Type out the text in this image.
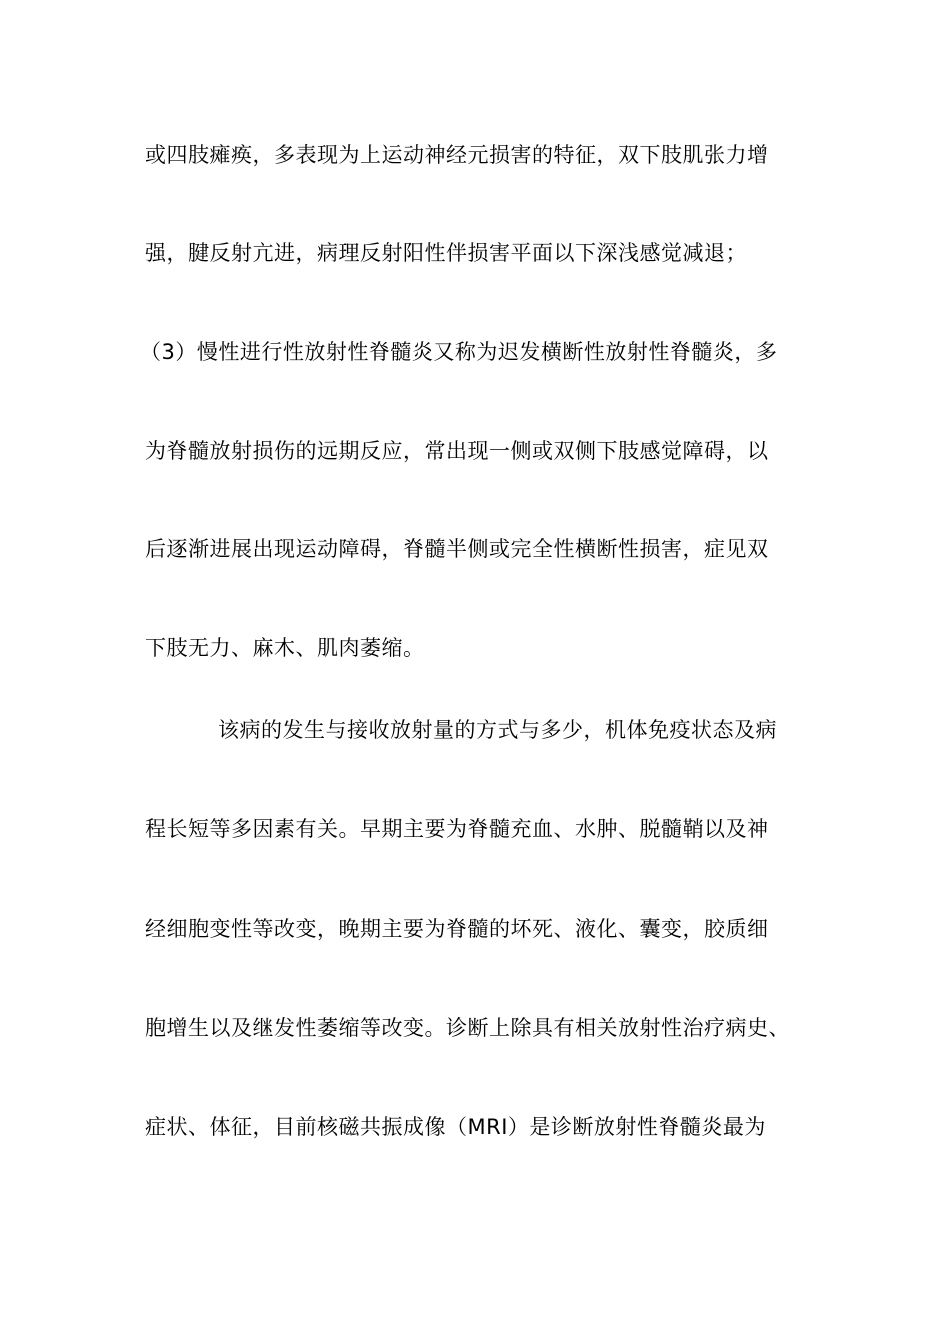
或四肢瘫痪，多表现为上运动神经元损害的特征，双下肢肌张力增
强，腱反射亢进，病理反射阳性伴损害平面以下深浅感觉减退；
（3）慢性进行性放射性脊髓炎又称为迟发横断性放射性脊髓炎，多
为脊髓放射损伤的远期反应，常出现一侧或双侧下肢感觉障碍，以
后逐渐进展出现运动障碍，脊髓半侧或完全性横断性损害，症见双
下肢无力、麻木、肌肉萎缩。
该病的发生与接收放射量的方式与多少，机体免疫状态及病
程长短等多因素有关。早期主要为脊髓充血、水肿、脱髓鞘以及神
经细胞变性等改变，晚期主要为脊髓的坏死、液化、囊变，胶质细
胞增生以及继发性萎缩等改变。诊断上除具有相关放射性治疗病史、
症状、体征，目前核磁共振成像（MRI）是诊断放射性脊髓炎最为
